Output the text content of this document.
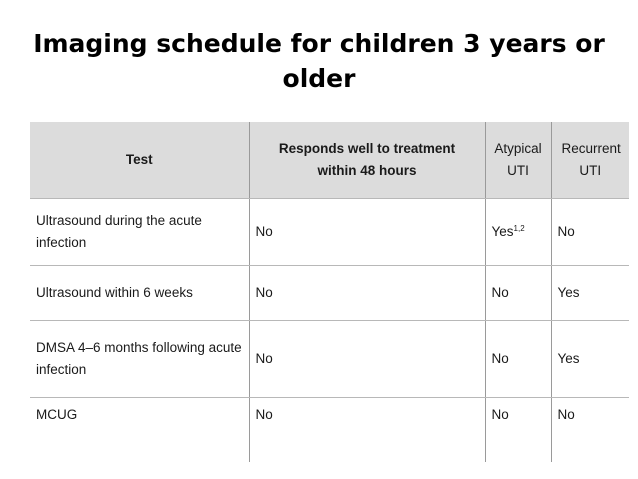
Imaging schedule for children 3 years or older
Test	Responds well to treatment within 48 hours	Atypical UTI	Recurrent UTI
Ultrasound during the acute infection	No	Yes$^{1,2}$	No
Ultrasound within 6 weeks	No	No	Yes
DMSA 4–6 months following acute infection	No	No	Yes
MCUG	No	No	No
